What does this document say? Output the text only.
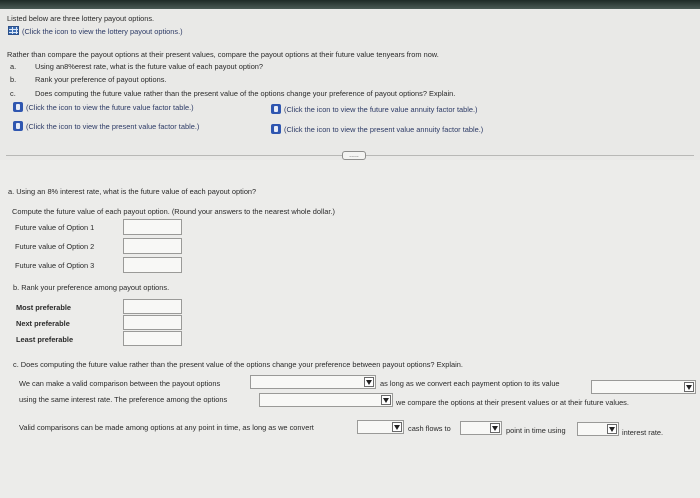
Listed below are three lottery payout options.
(Click the icon to view the lottery payout options.)
Rather than compare the payout options at their present values, compare the payout options at their future value tenyears from now.
a.	Using an8%erest rate, what is the future value of each payout option?
b.	Rank your preference of payout options.
c.	Does computing the future value rather than the present value of the options change your preference of payout options? Explain.
(Click the icon to view the future value factor table.)	(Click the icon to view the future value annuity factor table.)
(Click the icon to view the present value factor table.)	(Click the icon to view the present value annuity factor table.)
.....
a. Using an 8% interest rate, what is the future value of each payout option?
Compute the future value of each payout option. (Round your answers to the nearest whole dollar.)
Future value of Option 1
Future value of Option 2
Future value of Option 3
b. Rank your preference among payout options.
Most preferable
Next preferable
Least preferable
c. Does computing the future value rather than the present value of the options change your preference between payout options? Explain.
We can make a valid comparison between the payout options	as long as we convert each payment option to its value
using the same interest rate. The preference among the options	we compare the options at their present values or at their future values.
Valid comparisons can be made among options at any point in time, as long as we convert	cash flows to	point in time using	interest rate.
